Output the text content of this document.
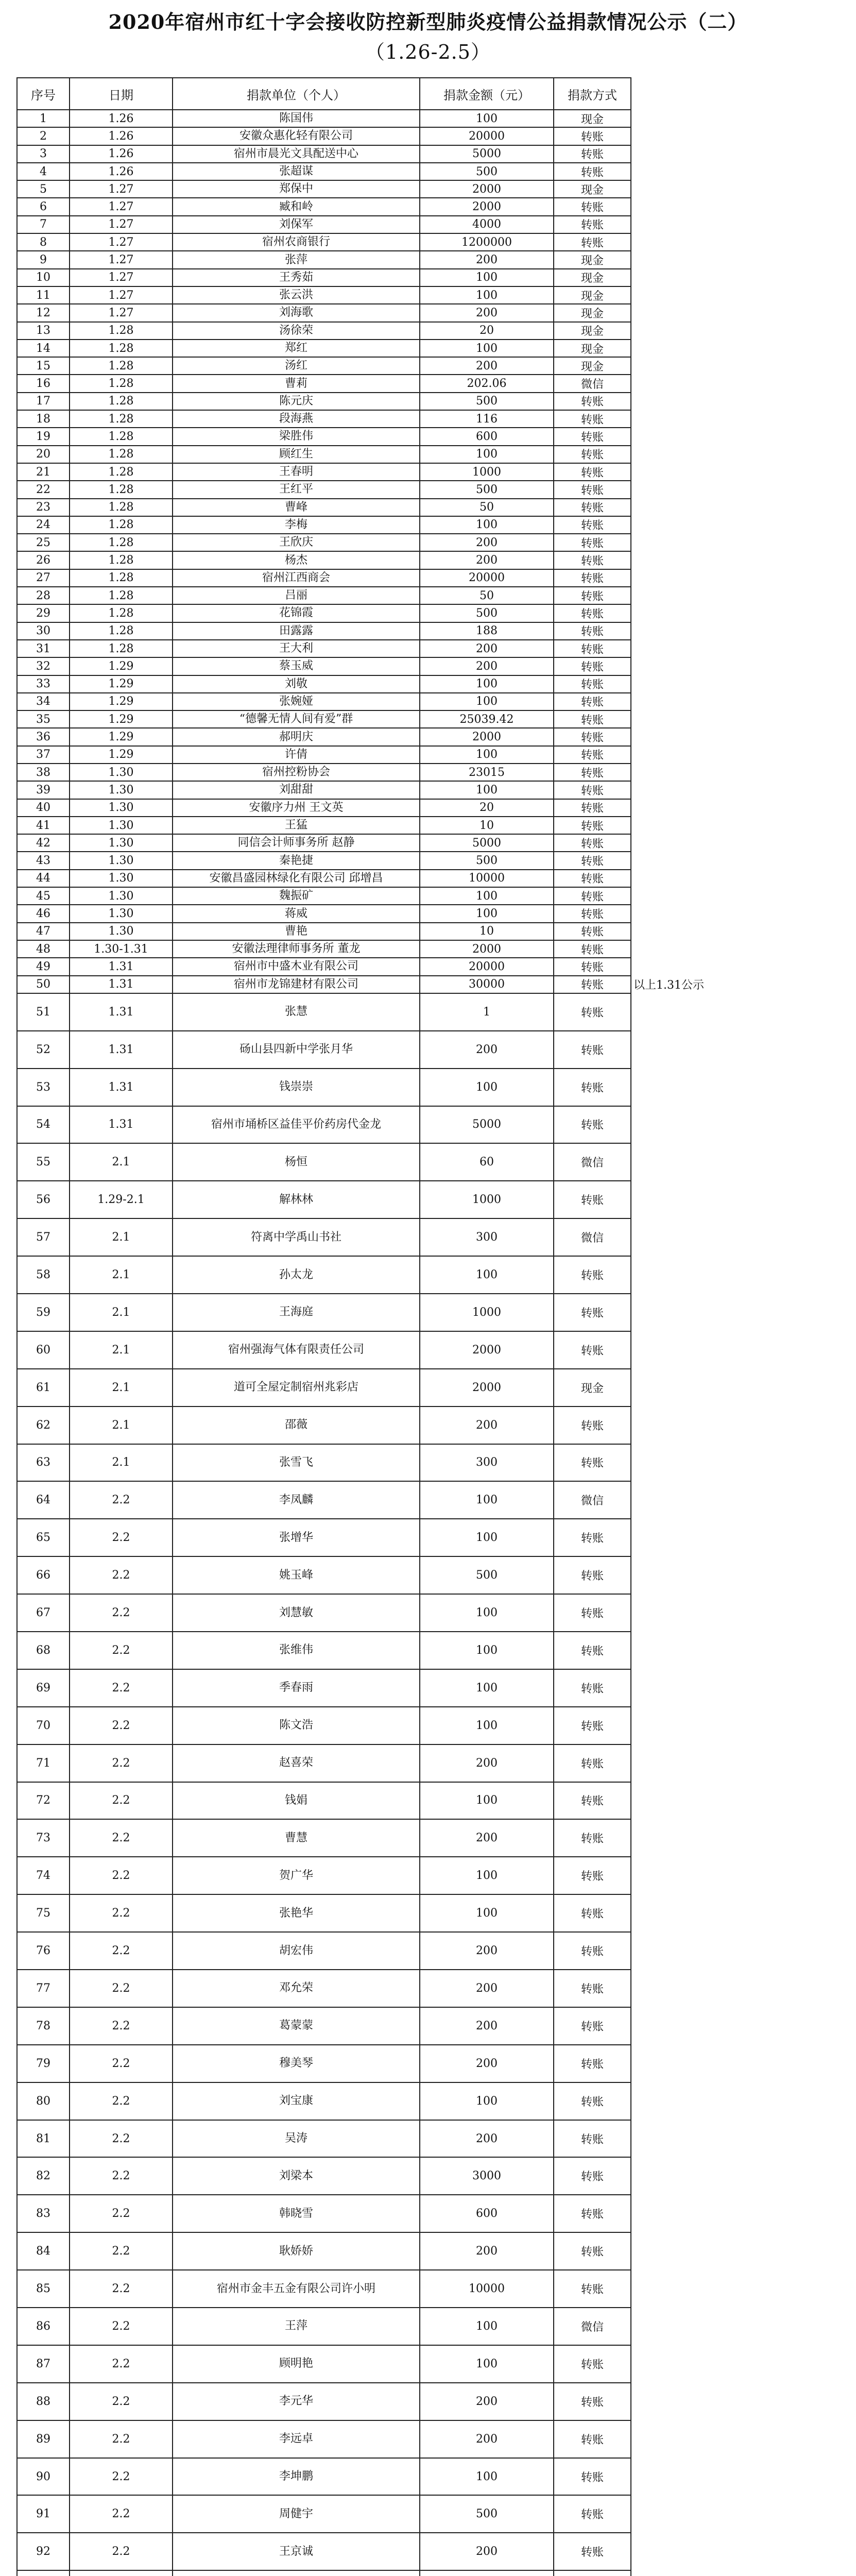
2020年宿州市红十字会接收防控新型肺炎疫情公益捐款情况公示（二）
（1.26-2.5）
序号	日期	捐款单位（个人）	捐款金额（元）	捐款方式	
1	1.26	陈国伟	100	现金	
2	1.26	安徽众惠化轻有限公司	20000	转账	
3	1.26	宿州市晨光文具配送中心	5000	转账	
4	1.26	张超谋	500	转账	
5	1.27	郑保中	2000	现金	
6	1.27	臧和岭	2000	转账	
7	1.27	刘保军	4000	转账	
8	1.27	宿州农商银行	1200000	转账	
9	1.27	张萍	200	现金	
10	1.27	王秀茹	100	现金	
11	1.27	张云洪	100	现金	
12	1.27	刘海歌	200	现金	
13	1.28	汤徐荣	20	现金	
14	1.28	郑红	100	现金	
15	1.28	汤红	200	现金	
16	1.28	曹莉	202.06	微信	
17	1.28	陈元庆	500	转账	
18	1.28	段海燕	116	转账	
19	1.28	梁胜伟	600	转账	
20	1.28	顾红生	100	转账	
21	1.28	王春明	1000	转账	
22	1.28	王红平	500	转账	
23	1.28	曹峰	50	转账	
24	1.28	李梅	100	转账	
25	1.28	王欣庆	200	转账	
26	1.28	杨杰	200	转账	
27	1.28	宿州江西商会	20000	转账	
28	1.28	吕丽	50	转账	
29	1.28	花锦霞	500	转账	
30	1.28	田露露	188	转账	
31	1.28	王大利	200	转账	
32	1.29	蔡玉威	200	转账	
33	1.29	刘敬	100	转账	
34	1.29	张婉娅	100	转账	
35	1.29	“德馨无情人间有爱”群	25039.42	转账	
36	1.29	郝明庆	2000	转账	
37	1.29	许倩	100	转账	
38	1.30	宿州控粉协会	23015	转账	
39	1.30	刘甜甜	100	转账	
40	1.30	安徽序力州 王文英	20	转账	
41	1.30	王猛	10	转账	
42	1.30	同信会计师事务所 赵静	5000	转账	
43	1.30	秦艳捷	500	转账	
44	1.30	安徽昌盛园林绿化有限公司 邱增昌	10000	转账	
45	1.30	魏振矿	100	转账	
46	1.30	蒋威	100	转账	
47	1.30	曹艳	10	转账	
48	1.30-1.31	安徽法理律师事务所 董龙	2000	转账	
49	1.31	宿州市中盛木业有限公司	20000	转账	
50	1.31	宿州市龙锦建材有限公司	30000	转账	以上1.31公示
51	1.31	张慧	1	转账	
52	1.31	砀山县四新中学张月华	200	转账	
53	1.31	钱崇崇	100	转账	
54	1.31	宿州市埇桥区益佳平价药房代金龙	5000	转账	
55	2.1	杨恒	60	微信	
56	1.29-2.1	解林林	1000	转账	
57	2.1	符离中学禹山书社	300	微信	
58	2.1	孙太龙	100	转账	
59	2.1	王海庭	1000	转账	
60	2.1	宿州强海气体有限责任公司	2000	转账	
61	2.1	道可全屋定制宿州兆彩店	2000	现金	
62	2.1	邵薇	200	转账	
63	2.1	张雪飞	300	转账	
64	2.2	李凤麟	100	微信	
65	2.2	张增华	100	转账	
66	2.2	姚玉峰	500	转账	
67	2.2	刘慧敏	100	转账	
68	2.2	张维伟	100	转账	
69	2.2	季春雨	100	转账	
70	2.2	陈文浩	100	转账	
71	2.2	赵喜荣	200	转账	
72	2.2	钱娟	100	转账	
73	2.2	曹慧	200	转账	
74	2.2	贺广华	100	转账	
75	2.2	张艳华	100	转账	
76	2.2	胡宏伟	200	转账	
77	2.2	邓允荣	200	转账	
78	2.2	葛蒙蒙	200	转账	
79	2.2	穆美琴	200	转账	
80	2.2	刘宝康	100	转账	
81	2.2	吴涛	200	转账	
82	2.2	刘梁本	3000	转账	
83	2.2	韩晓雪	600	转账	
84	2.2	耿娇娇	200	转账	
85	2.2	宿州市金丰五金有限公司许小明	10000	转账	
86	2.2	王萍	100	微信	
87	2.2	顾明艳	100	转账	
88	2.2	李元华	200	转账	
89	2.2	李远卓	200	转账	
90	2.2	李坤鹏	100	转账	
91	2.2	周健宇	500	转账	
92	2.2	王京诚	200	转账	
